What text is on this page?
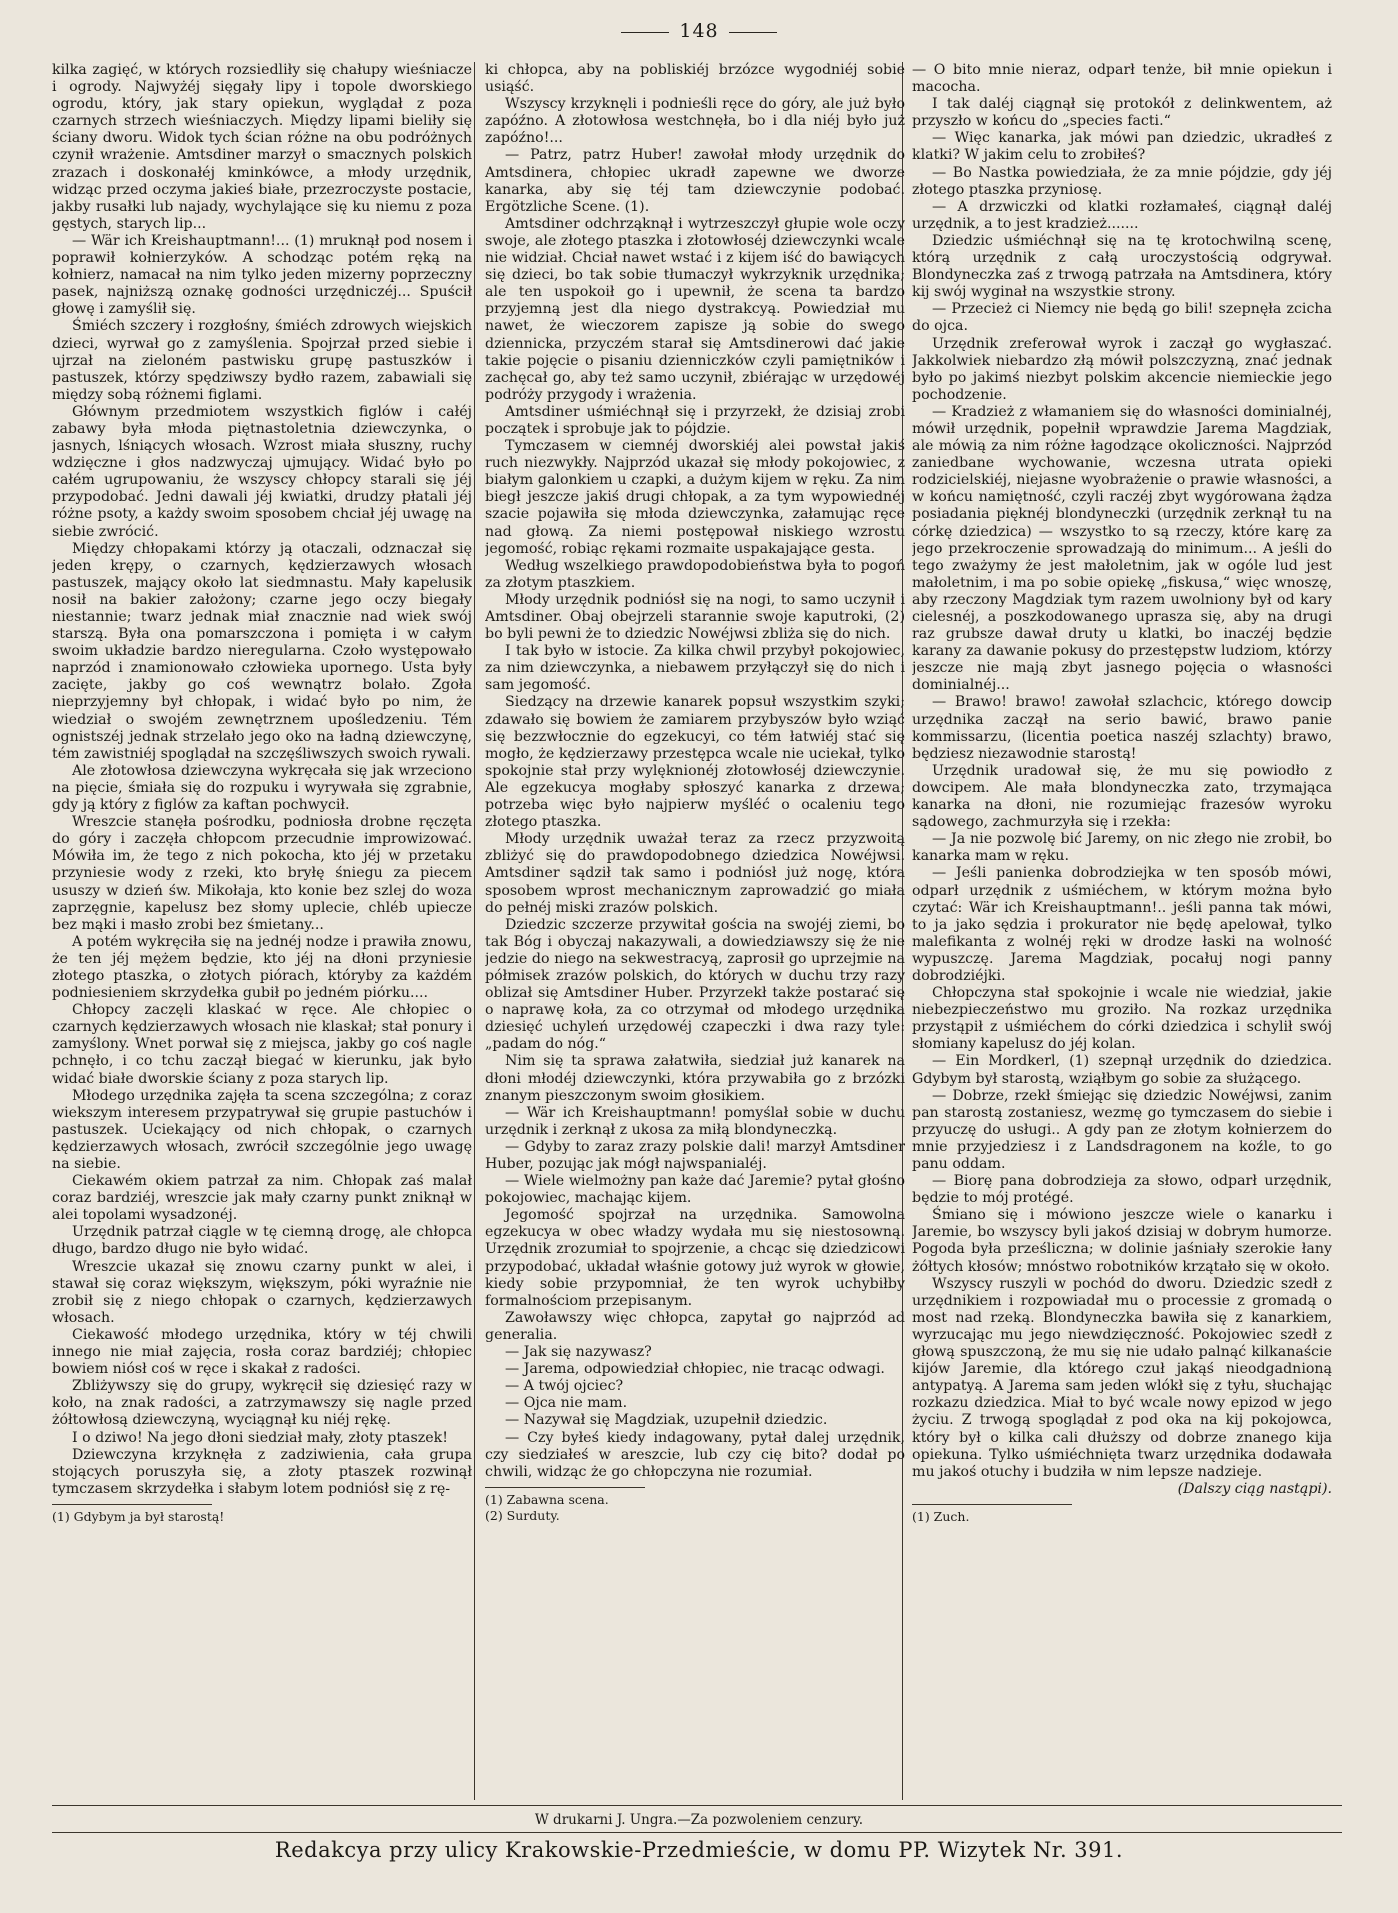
148

kilka zagięć, w których rozsiedliły się chałupy wieśniacze i ogrody. Najwyżéj sięgały lipy i topole dworskiego ogrodu, który, jak stary opiekun, wyglądał z poza czarnych strzech wieśniaczych. Między lipami bieliły się ściany dworu. Widok tych ścian różne na obu podróżnych czynił wrażenie. Amtsdiner marzył o smacznych polskich zrazach i doskonałéj kminkówce, a młody urzędnik, widząc przed oczyma jakieś białe, przezroczyste postacie, jakby rusałki lub najady, wychylające się ku niemu z poza gęstych, starych lip...

— Wär ich Kreishauptmann!... (1) mruknął pod nosem i poprawił kołnierzyków. A schodząc potém ręką na kołnierz, namacał na nim tylko jeden mizerny poprzeczny pasek, najniższą oznakę godności urzędniczéj... Spuścił głowę i zamyślił się.

Śmiéch szczery i rozgłośny, śmiéch zdrowych wiejskich dzieci, wyrwał go z zamyślenia. Spojrzał przed siebie i ujrzał na zieloném pastwisku grupę pastuszków i pastuszek, którzy spędziwszy bydło razem, zabawiali się między sobą różnemi figlami.

Głównym przedmiotem wszystkich figlów i całéj zabawy była młoda piętnastoletnia dziewczynka, o jasnych, lśniących włosach. Wzrost miała słuszny, ruchy wdzięczne i głos nadzwyczaj ujmujący. Widać było po całém ugrupowaniu, że wszyscy chłopcy starali się jéj przypodobać. Jedni dawali jéj kwiatki, drudzy płatali jéj różne psoty, a każdy swoim sposobem chciał jéj uwagę na siebie zwrócić.

Między chłopakami którzy ją otaczali, odznaczał się jeden krępy, o czarnych, kędzierzawych włosach pastuszek, mający około lat siedmnastu. Mały kapelusik nosił na bakier założony; czarne jego oczy biegały niestannie; twarz jednak miał znacznie nad wiek swój starszą. Była ona pomarszczona i pomięta i w całym swoim układzie bardzo nieregularna. Czoło występowało naprzód i znamionowało człowieka upornego. Usta były zacięte, jakby go coś wewnątrz bolało. Zgoła nieprzyjemny był chłopak, i widać było po nim, że wiedział o swojém zewnętrznem upośledzeniu. Tém ognistszéj jednak strzelało jego oko na ładną dziewczynę, tém zawistniéj spoglądał na szczęśliwszych swoich rywali.

Ale złotowłosa dziewczyna wykręcała się jak wrzeciono na pięcie, śmiała się do rozpuku i wyrywała się zgrabnie, gdy ją który z figlów za kaftan pochwycił.

Wreszcie stanęła pośrodku, podniosła drobne ręczęta do góry i zaczęła chłopcom przecudnie improwizować. Mówiła im, że tego z nich pokocha, kto jéj w przetaku przyniesie wody z rzeki, kto bryłę śniegu za piecem ususzy w dzień św. Mikołaja, kto konie bez szlej do woza zaprzęgnie, kapelusz bez słomy uplecie, chléb upiecze bez mąki i masło zrobi bez śmietany...

A potém wykręciła się na jednéj nodze i prawiła znowu, że ten jéj mężem będzie, kto jéj na dłoni przyniesie złotego ptaszka, o złotych piórach, któryby za każdém podniesieniem skrzydełka gubił po jedném piórku....

Chłopcy zaczęli klaskać w ręce. Ale chłopiec o czarnych kędzierzawych włosach nie klaskał; stał ponury i zamyślony. Wnet porwał się z miejsca, jakby go coś nagle pchnęło, i co tchu zaczął biegać w kierunku, jak było widać białe dworskie ściany z poza starych lip.

Młodego urzędnika zajęła ta scena szczególna; z coraz wiekszym interesem przypatrywał się grupie pastuchów i pastuszek. Uciekający od nich chłopak, o czarnych kędzierzawych włosach, zwrócił szczególnie jego uwagę na siebie.

Ciekawém okiem patrzał za nim. Chłopak zaś malał coraz bardziéj, wreszcie jak mały czarny punkt zniknął w alei topolami wysadzonéj.

Urzędnik patrzał ciągle w tę ciemną drogę, ale chłopca długo, bardzo długo nie było widać.

Wreszcie ukazał się znowu czarny punkt w alei, i stawał się coraz większym, większym, póki wyraźnie nie zrobił się z niego chłopak o czarnych, kędzierzawych włosach.

Ciekawość młodego urzędnika, który w téj chwili innego nie miał zajęcia, rosła coraz bardziéj; chłopiec bowiem niósł coś w ręce i skakał z radości.

Zbliżywszy się do grupy, wykręcił się dziesięć razy w koło, na znak radości, a zatrzymawszy się nagle przed żółtowłosą dziewczyną, wyciągnął ku niéj rękę.

I o dziwo! Na jego dłoni siedział mały, złoty ptaszek!

Dziewczyna krzyknęła z zadziwienia, cała grupa stojących poruszyła się, a złoty ptaszek rozwinął tymczasem skrzydełka i słabym lotem podniósł się z rę-

(1) Gdybym ja był starostą!

ki chłopca, aby na pobliskiéj brzózce wygodniéj sobie usiąść.

Wszyscy krzyknęli i podnieśli ręce do góry, ale już było zapóźno. A złotowłosa westchnęła, bo i dla niéj było już zapóźno!...

— Patrz, patrz Huber! zawołał młody urzędnik do Amtsdinera, chłopiec ukradł zapewne we dworze kanarka, aby się téj tam dziewczynie podobać. Ergötzliche Scene. (1).

Amtsdiner odchrząknął i wytrzeszczył głupie wole oczy swoje, ale złotego ptaszka i złotowłoséj dziewczynki wcale nie widział. Chciał nawet wstać i z kijem iść do bawiących się dzieci, bo tak sobie tłumaczył wykrzyknik urzędnika; ale ten uspokoił go i upewnił, że scena ta bardzo przyjemną jest dla niego dystrakcyą. Powiedział mu nawet, że wieczorem zapisze ją sobie do swego dziennicka, przyczém starał się Amtsdinerowi dać jakie takie pojęcie o pisaniu dzienniczków czyli pamiętników i zachęcał go, aby też samo uczynił, zbiérając w urzędowéj podróży przygody i wrażenia.

Amtsdiner uśmiéchnął się i przyrzekł, że dzisiaj zrobi początek i sprobuje jak to pójdzie.

Tymczasem w ciemnéj dworskiéj alei powstał jakiś ruch niezwykły. Najprzód ukazał się młody pokojowiec, z białym galonkiem u czapki, a dużym kijem w ręku. Za nim biegł jeszcze jakiś drugi chłopak, a za tym wypowiednéj szacie pojawiła się młoda dziewczynka, załamując ręce nad głową. Za niemi postępował niskiego wzrostu jegomość, robiąc rękami rozmaite uspakajające gesta.

Według wszelkiego prawdopodobieństwa była to pogoń za złotym ptaszkiem.

Młody urzędnik podniósł się na nogi, to samo uczynił i Amtsdiner. Obaj obejrzeli starannie swoje kaputroki, (2) bo byli pewni że to dziedzic Nowéjwsi zbliża się do nich.

I tak było w istocie. Za kilka chwil przybył pokojowiec, za nim dziewczynka, a niebawem przyłączył się do nich i sam jegomość.

Siedzący na drzewie kanarek popsuł wszystkim szyki; zdawało się bowiem że zamiarem przybyszów było wziąć się bezzwłocznie do egzekucyi, co tém łatwiéj stać się mogło, że kędzierzawy przestępca wcale nie uciekał, tylko spokojnie stał przy wylęknionéj złotowłoséj dziewczynie. Ale egzekucya mogłaby spłoszyć kanarka z drzewa; potrzeba więc było najpierw myśléć o ocaleniu tego złotego ptaszka.

Młody urzędnik uważał teraz za rzecz przyzwoitą zbliżyć się do prawdopodobnego dziedzica Nowéjwsi. Amtsdiner sądził tak samo i podniósł już nogę, która sposobem wprost mechanicznym zaprowadzić go miała do pełnéj miski zrazów polskich.

Dziedzic szczerze przywitał gościa na swojéj ziemi, bo tak Bóg i obyczaj nakazywali, a dowiedziawszy się że nie jedzie do niego na sekwestracyą, zaprosił go uprzejmie na półmisek zrazów polskich, do których w duchu trzy razy oblizał się Amtsdiner Huber. Przyrzekł także postarać się o naprawę koła, za co otrzymał od młodego urzędnika dziesięć uchyleń urzędowéj czapeczki i dwa razy tyle: „padam do nóg.“

Nim się ta sprawa załatwiła, siedział już kanarek na dłoni młodéj dziewczynki, która przywabiła go z brzózki znanym pieszczonym swoim głosikiem.

— Wär ich Kreishauptmann! pomyślał sobie w duchu urzędnik i zerknął z ukosa za miłą blondyneczką.

— Gdyby to zaraz zrazy polskie dali! marzył Amtsdiner Huber, pozując jak mógł najwspanialéj.

— Wiele wielmożny pan każe dać Jaremie? pytał głośno pokojowiec, machając kijem.

Jegomość spojrzał na urzędnika. Samowolna egzekucya w obec władzy wydała mu się niestosowną. Urzędnik zrozumiał to spojrzenie, a chcąc się dziedzicowi przypodobać, układał właśnie gotowy już wyrok w głowie, kiedy sobie przypomniał, że ten wyrok uchybiłby formalnościom przepisanym.

Zawoławszy więc chłopca, zapytał go najprzód ad generalia.

— Jak się nazywasz?

— Jarema, odpowiedział chłopiec, nie tracąc odwagi.

— A twój ojciec?

— Ojca nie mam.

— Nazywał się Magdziak, uzupełnił dziedzic.

— Czy byłeś kiedy indagowany, pytał dalej urzędnik, czy siedziałeś w areszcie, lub czy cię bito? dodał po chwili, widząc że go chłopczyna nie rozumiał.

(1) Zabawna scena.

(2) Surduty.

— O bito mnie nieraz, odparł tenże, bił mnie opiekun i macocha.

I tak daléj ciągnął się protokół z delinkwentem, aż przyszło w końcu do „species facti.“

— Więc kanarka, jak mówi pan dziedzic, ukradłeś z klatki? W jakim celu to zrobiłeś?

— Bo Nastka powiedziała, że za mnie pójdzie, gdy jéj złotego ptaszka przyniosę.

— A drzwiczki od klatki rozłamałeś, ciągnął daléj urzędnik, a to jest kradzież.......

Dziedzic uśmiéchnął się na tę krotochwilną scenę, którą urzędnik z całą uroczystością odgrywał. Blondyneczka zaś z trwogą patrzała na Amtsdinera, który kij swój wyginał na wszystkie strony.

— Przecież ci Niemcy nie będą go bili! szepnęła zcicha do ojca.

Urzędnik zreferował wyrok i zaczął go wygłaszać. Jakkolwiek niebardzo złą mówił polszczyzną, znać jednak było po jakimś niezbyt polskim akcencie niemieckie jego pochodzenie.

— Kradzież z włamaniem się do własności dominialnéj, mówił urzędnik, popełnił wprawdzie Jarema Magdziak, ale mówią za nim różne łagodzące okoliczności. Najprzód zaniedbane wychowanie, wczesna utrata opieki rodzicielskiéj, niejasne wyobrażenie o prawie własności, a w końcu namiętność, czyli raczéj zbyt wygórowana żądza posiadania pięknéj blondyneczki (urzędnik zerknął tu na córkę dziedzica) — wszystko to są rzeczy, które karę za jego przekroczenie sprowadzają do minimum... A jeśli do tego zważymy że jest małoletnim, jak w ogóle lud jest małoletnim, i ma po sobie opiekę „fiskusa,“ więc wnoszę, aby rzeczony Magdziak tym razem uwolniony był od kary cielesnéj, a poszkodowanego uprasza się, aby na drugi raz grubsze dawał druty u klatki, bo inaczéj będzie karany za dawanie pokusy do przestępstw ludziom, którzy jeszcze nie mają zbyt jasnego pojęcia o własności dominialnéj...

— Brawo! brawo! zawołał szlachcic, którego dowcip urzędnika zaczął na serio bawić, brawo panie kommissarzu, (licentia poetica naszéj szlachty) brawo, będziesz niezawodnie starostą!

Urzędnik uradował się, że mu się powiodło z dowcipem. Ale mała blondyneczka zato, trzymająca kanarka na dłoni, nie rozumiejąc frazesów wyroku sądowego, zachmurzyła się i rzekła:

— Ja nie pozwolę bić Jaremy, on nic złego nie zrobił, bo kanarka mam w ręku.

— Jeśli panienka dobrodziejka w ten sposób mówi, odparł urzędnik z uśmiéchem, w którym można było czytać: Wär ich Kreishauptmann!.. jeśli panna tak mówi, to ja jako sędzia i prokurator nie będę apelował, tylko malefikanta z wolnéj ręki w drodze łaski na wolność wypuszczę. Jarema Magdziak, pocałuj nogi panny dobrodziéjki.

Chłopczyna stał spokojnie i wcale nie wiedział, jakie niebezpieczeństwo mu groziło. Na rozkaz urzędnika przystąpił z uśmiéchem do córki dziedzica i schylił swój słomiany kapelusz do jéj kolan.

— Ein Mordkerl, (1) szepnął urzędnik do dziedzica. Gdybym był starostą, wziąłbym go sobie za służącego.

— Dobrze, rzekł śmiejąc się dziedzic Nowéjwsi, zanim pan starostą zostaniesz, wezmę go tymczasem do siebie i przyuczę do usługi.. A gdy pan ze złotym kołnierzem do mnie przyjedziesz i z Landsdragonem na koźle, to go panu oddam.

— Biorę pana dobrodzieja za słowo, odparł urzędnik, będzie to mój protégé.

Śmiano się i mówiono jeszcze wiele o kanarku i Jaremie, bo wszyscy byli jakoś dzisiaj w dobrym humorze. Pogoda była prześliczna; w dolinie jaśniały szerokie łany żółtych kłosów; mnóstwo robotników krzątało się w około.

Wszyscy ruszyli w pochód do dworu. Dziedzic szedł z urzędnikiem i rozpowiadał mu o processie z gromadą o most nad rzeką. Blondyneczka bawiła się z kanarkiem, wyrzucając mu jego niewdzięczność. Pokojowiec szedł z głową spuszczoną, że mu się nie udało palnąć kilkanaście kijów Jaremie, dla którego czuł jakąś nieodgadnioną antypatyą. A Jarema sam jeden wlókł się z tyłu, słuchając rozkazu dziedzica. Miał to być wcale nowy epizod w jego życiu. Z trwogą spoglądał z pod oka na kij pokojowca, który był o kilka cali dłuższy od dobrze znanego kija opiekuna. Tylko uśmiéchnięta twarz urzędnika dodawała mu jakoś otuchy i budziła w nim lepsze nadzieje.

(Dalszy ciąg nastąpi).

(1) Zuch.

W drukarni J. Ungra.—Za pozwoleniem cenzury.
Redakcya przy ulicy Krakowskie-Przedmieście, w domu PP. Wizytek Nr. 391.
